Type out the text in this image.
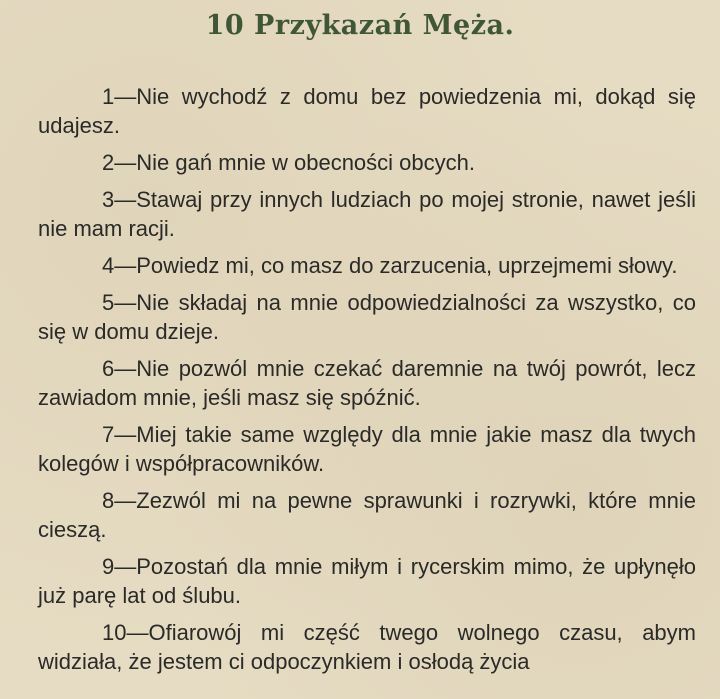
10 Przykazań Męża.

1—Nie wychodź z domu bez powiedzenia mi, dokąd się udajesz.

2—Nie gań mnie w obecności obcych.

3—Stawaj przy innych ludziach po mojej stronie, nawet jeśli nie mam racji.

4—Powiedz mi, co masz do zarzucenia, uprzejmemi słowy.

5—Nie składaj na mnie odpowiedzialności za wszystko, co się w domu dzieje.

6—Nie pozwól mnie czekać daremnie na twój powrót, lecz zawiadom mnie, jeśli masz się spóźnić.

7—Miej takie same względy dla mnie jakie masz dla twych kolegów i współpracowników.

8—Zezwól mi na pewne sprawunki i rozrywki, które mnie cieszą.

9—Pozostań dla mnie miłym i rycerskim mimo, że upłynęło już parę lat od ślubu.

10—Ofiarowój mi część twego wolnego czasu, abym widziała, że jestem ci odpoczynkiem i osłodą życia
